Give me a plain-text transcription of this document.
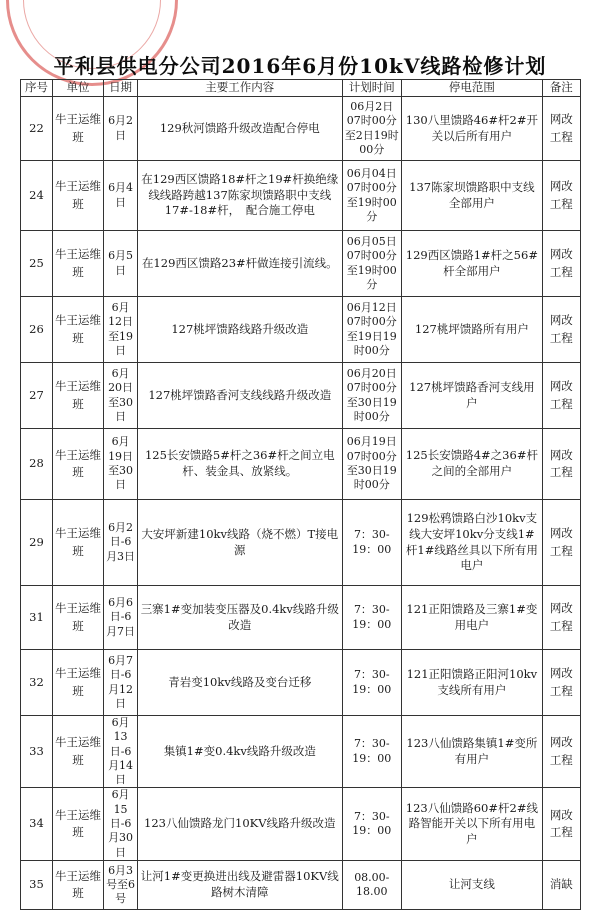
平利县供电分公司2016年6月份10kV线路检修计划
序号	单位	日期	主要工作内容	计划时间	停电范围	备注
22	牛王运维班	6月2日	129秋河馈路升级改造配合停电	06月2日07时00分至2日19时00分	130八里馈路46#杆2#开关以后所有用户	网改工程
24	牛王运维班	6月4日	在129西区馈路18#杆之19#杆换绝缘线线路跨越137陈家坝馈路职中支线17#-18#杆，　配合施工停电	06月04日07时00分至19时00分	137陈家坝馈路职中支线全部用户	网改工程
25	牛王运维班	6月5日	在129西区馈路23#杆做连接引流线。	06月05日07时00分至19时00分	129西区馈路1#杆之56#杆全部用户	网改工程
26	牛王运维班	6月12日至19日	127桃坪馈路线路升级改造	06月12日07时00分至19日19时00分	127桃坪馈路所有用户	网改工程
27	牛王运维班	6月20日至30日	127桃坪馈路香河支线线路升级改造	06月20日07时00分至30日19时00分	127桃坪馈路香河支线用户	网改工程
28	牛王运维班	6月19日至30日	125长安馈路5#杆之36#杆之间立电杆、装金具、放紧线。	06月19日07时00分至30日19时00分	125长安馈路4#之36#杆之间的全部用户	网改工程
29	牛王运维班	6月2日-6月3日	大安坪新建10kv线路（烧不燃）T接电源	7：30-19：00	129松鸦馈路白沙10kv支线大安坪10kv分支线1#杆1#线路丝具以下所有用电户	网改工程
31	牛王运维班	6月6日-6月7日	三寨1#变加装变压器及0.4kv线路升级改造	7：30-19：00	121正阳馈路及三寨1#变用电户	网改工程
32	牛王运维班	6月7日-6月12日	青岩变10kv线路及变台迁移	7：30-19：00	121正阳馈路正阳河10kv支线所有用户	网改工程
33	牛王运维班	6月13日-6月14日	集镇1#变0.4kv线路升级改造	7：30-19：00	123八仙馈路集镇1#变所有用户	网改工程
34	牛王运维班	6月15日-6月30日	123八仙馈路龙门10KV线路升级改造	7：30-19：00	123八仙馈路60#杆2#线路智能开关以下所有用电户	网改工程
35	牛王运维班	6月3号至6号	让河1#变更换进出线及避雷器10KV线路树木清障	08.00-18.00	让河支线	消缺
